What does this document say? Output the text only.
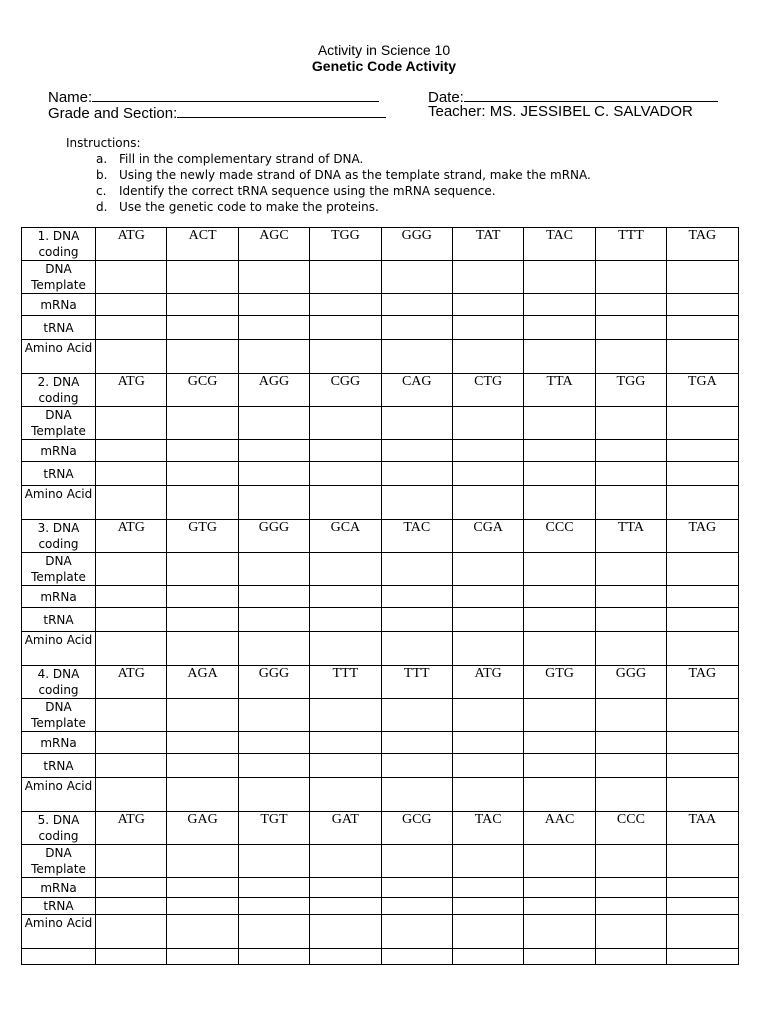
Activity in Science 10
Genetic Code Activity
Name:
Grade and Section:
Date:
Teacher: MS. JESSIBEL C. SALVADOR
Instructions:
a. Fill in the complementary strand of DNA.
b. Using the newly made strand of DNA as the template strand, make the mRNA.
c.	Identify the correct tRNA sequence using the mRNA sequence.
d. Use the genetic code to make the proteins.
1. DNA coding	ATG	ACT	AGC	TGG	GGG	TAT	TAC	TTT	TAG
DNA Template									
mRNa									
tRNA									
Amino Acid									
2. DNA coding	ATG	GCG	AGG	CGG	CAG	CTG	TTA	TGG	TGA
DNA Template									
mRNa									
tRNA									
Amino Acid									
3. DNA coding	ATG	GTG	GGG	GCA	TAC	CGA	CCC	TTA	TAG
DNA Template									
mRNa									
tRNA									
Amino Acid									
4. DNA coding	ATG	AGA	GGG	TTT	TTT	ATG	GTG	GGG	TAG
DNA Template									
mRNa									
tRNA									
Amino Acid									
5. DNA coding	ATG	GAG	TGT	GAT	GCG	TAC	AAC	CCC	TAA
DNA Template									
mRNa									
tRNA									
Amino Acid									
